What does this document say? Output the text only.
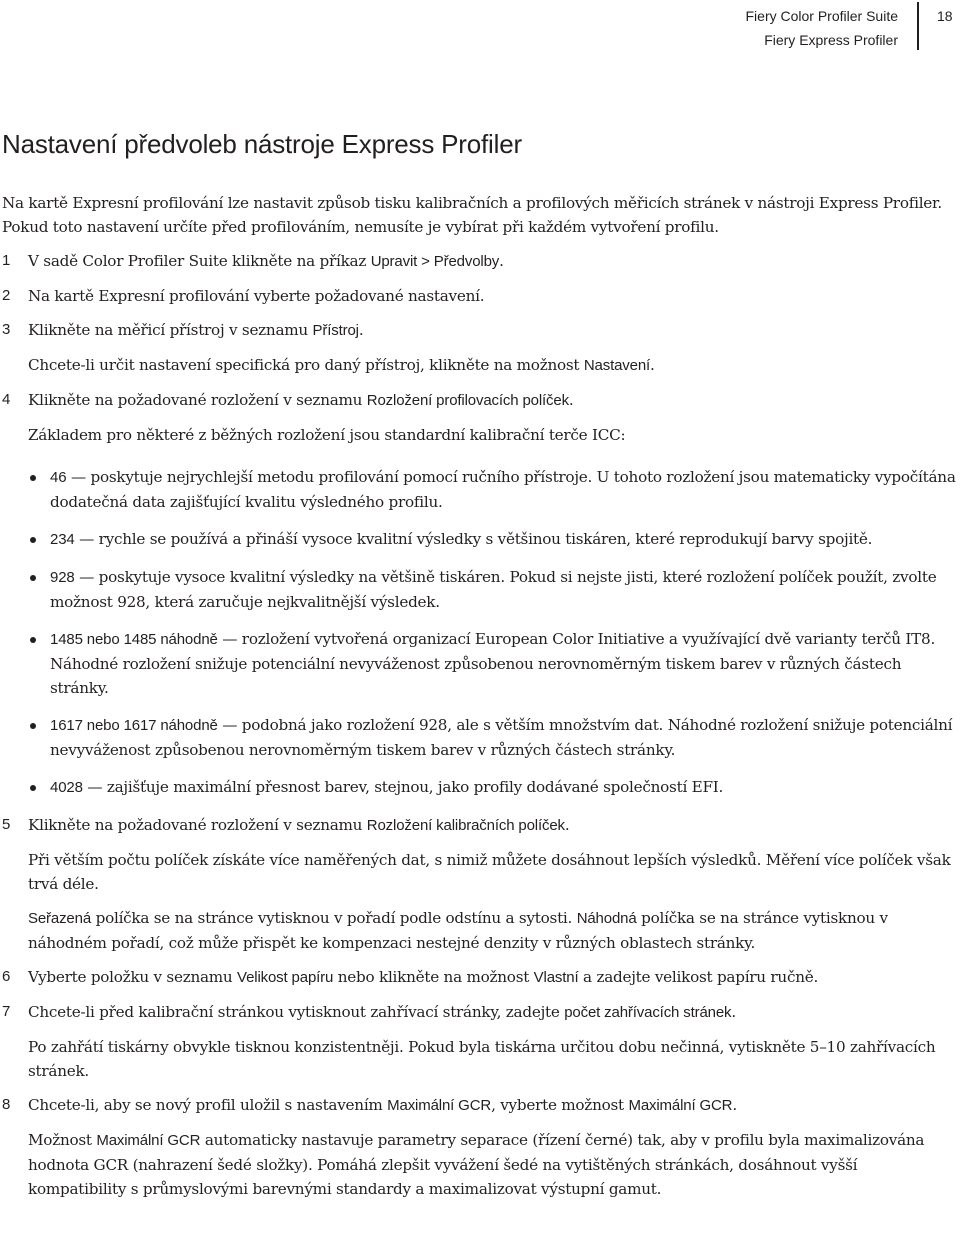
Fiery Color Profiler Suite
Fiery Express Profiler
18
Nastavení předvoleb nástroje Express Profiler
Na kartě Expresní profilování lze nastavit způsob tisku kalibračních a profilových měřicích stránek v nástroji Express Profiler. Pokud toto nastavení určíte před profilováním, nemusíte je vybírat při každém vytvoření profilu.
1 V sadě Color Profiler Suite klikněte na příkaz Upravit > Předvolby.
2 Na kartě Expresní profilování vyberte požadované nastavení.
3 Klikněte na měřicí přístroj v seznamu Přístroj.
Chcete-li určit nastavení specifická pro daný přístroj, klikněte na možnost Nastavení.
4 Klikněte na požadované rozložení v seznamu Rozložení profilovacích políček.
Základem pro některé z běžných rozložení jsou standardní kalibrační terče ICC:
46 — poskytuje nejrychlejší metodu profilování pomocí ručního přístroje. U tohoto rozložení jsou matematicky vypočítána dodatečná data zajišťující kvalitu výsledného profilu.
234 — rychle se používá a přináší vysoce kvalitní výsledky s většinou tiskáren, které reprodukují barvy spojitě.
928 — poskytuje vysoce kvalitní výsledky na většině tiskáren. Pokud si nejste jisti, které rozložení políček použít, zvolte možnost 928, která zaručuje nejkvalitnější výsledek.
1485 nebo 1485 náhodně — rozložení vytvořená organizací European Color Initiative a využívající dvě varianty terčů IT8. Náhodné rozložení snižuje potenciální nevyváženost způsobenou nerovnoměrným tiskem barev v různých částech stránky.
1617 nebo 1617 náhodně — podobná jako rozložení 928, ale s větším množstvím dat. Náhodné rozložení snižuje potenciální nevyváženost způsobenou nerovnoměrným tiskem barev v různých částech stránky.
4028 — zajišťuje maximální přesnost barev, stejnou, jako profily dodávané společností EFI.
5 Klikněte na požadované rozložení v seznamu Rozložení kalibračních políček.
Při větším počtu políček získáte více naměřených dat, s nimiž můžete dosáhnout lepších výsledků. Měření více políček však trvá déle.
Seřazená políčka se na stránce vytisknou v pořadí podle odstínu a sytosti. Náhodná políčka se na stránce vytisknou v náhodném pořadí, což může přispět ke kompenzaci nestejné denzity v různých oblastech stránky.
6 Vyberte položku v seznamu Velikost papíru nebo klikněte na možnost Vlastní a zadejte velikost papíru ručně.
7 Chcete-li před kalibrační stránkou vytisknout zahřívací stránky, zadejte počet zahřívacích stránek.
Po zahřátí tiskárny obvykle tisknou konzistentněji. Pokud byla tiskárna určitou dobu nečinná, vytiskněte 5–10 zahřívacích stránek.
8 Chcete-li, aby se nový profil uložil s nastavením Maximální GCR, vyberte možnost Maximální GCR.
Možnost Maximální GCR automaticky nastavuje parametry separace (řízení černé) tak, aby v profilu byla maximalizována hodnota GCR (nahrazení šedé složky). Pomáhá zlepšit vyvážení šedé na vytištěných stránkách, dosáhnout vyšší kompatibility s průmyslovými barevnými standardy a maximalizovat výstupní gamut.
